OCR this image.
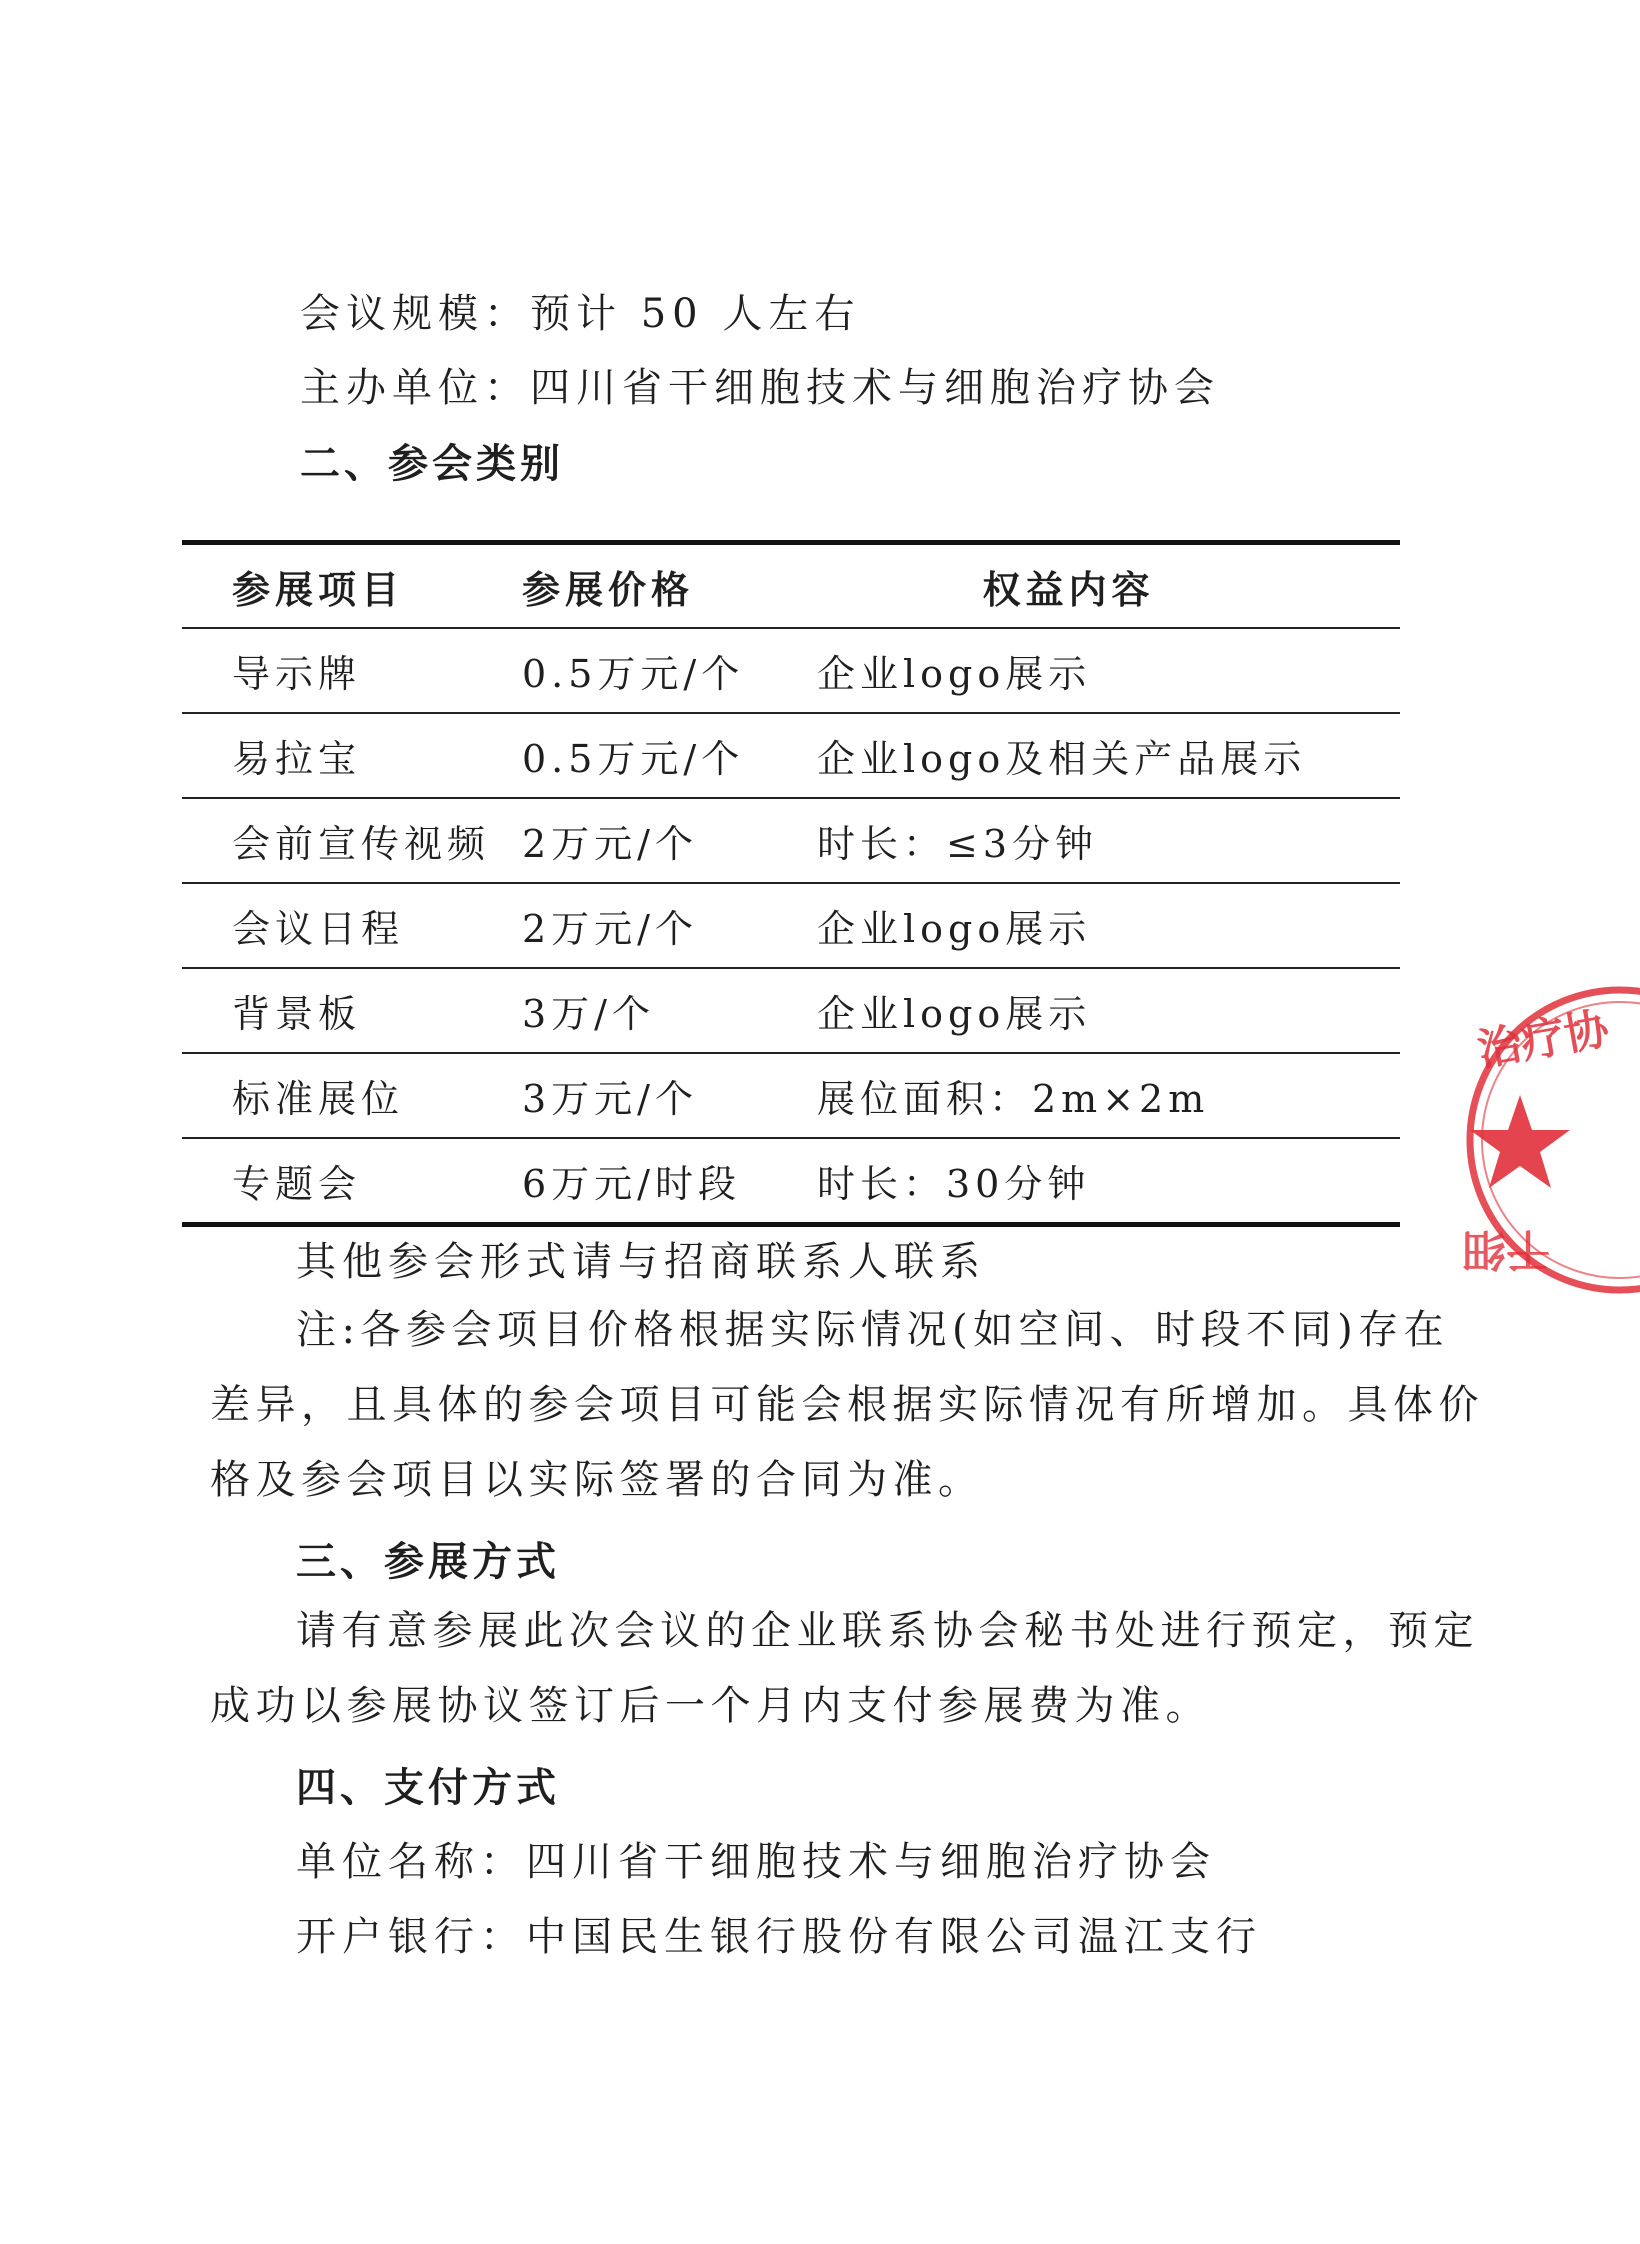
会议规模：预计 50 人左右
主办单位：四川省干细胞技术与细胞治疗协会
二、参会类别
参展项目	参展价格	权益内容
导示牌	0.5万元/个	企业logo展示
易拉宝	0.5万元/个	企业logo及相关产品展示
会前宣传视频	2万元/个	时长：≤3分钟
会议日程	2万元/个	企业logo展示
背景板	3万/个	企业logo展示
标准展位	3万元/个	展位面积：2m×2m
专题会	6万元/时段	时长：30分钟
其他参会形式请与招商联系人联系
注:各参会项目价格根据实际情况(如空间、时段不同)存在
差异，且具体的参会项目可能会根据实际情况有所增加。具体价
格及参会项目以实际签署的合同为准。
三、参展方式
请有意参展此次会议的企业联系协会秘书处进行预定，预定
成功以参展协议签订后一个月内支付参展费为准。
四、支付方式
单位名称：四川省干细胞技术与细胞治疗协会
开户银行：中国民生银行股份有限公司温江支行
治疗协
干细
